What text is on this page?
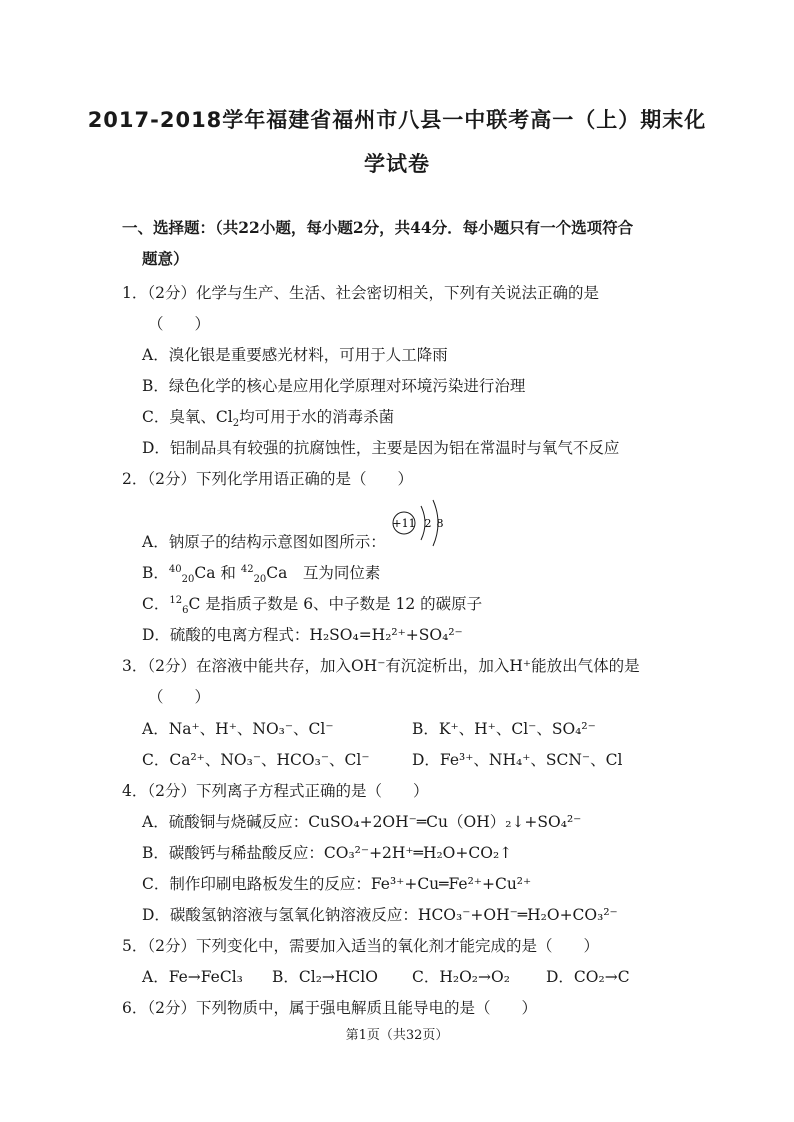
2017-2018学年福建省福州市八县一中联考高一（上）期末化
学试卷
一、选择题：（共22小题，每小题2分，共44分．每小题只有一个选项符合
题意）
1．（2分）化学与生产、生活、社会密切相关，下列有关说法正确的是
（　　）
A．溴化银是重要感光材料，可用于人工降雨
B．绿色化学的核心是应用化学原理对环境污染进行治理
C．臭氧、$Cl_2$均可用于水的消毒杀菌
D．铝制品具有较强的抗腐蚀性，主要是因为铝在常温时与氧气不反应
2．（2分）下列化学用语正确的是（　　）
A．钠原子的结构示意图如图所示：
+11 2 8
B．$^{40}_{20}$Ca 和 $^{42}_{20}$Ca　互为同位素
C．$^{12}_6$C 是指质子数是 6、中子数是 12 的碳原子
D．硫酸的电离方程式：H₂SO₄=H₂²⁺+SO₄²⁻
3．（2分）在溶液中能共存，加入OH⁻有沉淀析出，加入H⁺能放出气体的是
（　　）
A．Na⁺、H⁺、NO₃⁻、Cl⁻	B．K⁺、H⁺、Cl⁻、SO₄²⁻
C．Ca²⁺、NO₃⁻、HCO₃⁻、Cl⁻	D．Fe³⁺、NH₄⁺、SCN⁻、Cl
4．（2分）下列离子方程式正确的是（　　）
A．硫酸铜与烧碱反应：CuSO₄+2OH⁻═Cu（OH）₂↓+SO₄²⁻
B．碳酸钙与稀盐酸反应：CO₃²⁻+2H⁺═H₂O+CO₂↑
C．制作印刷电路板发生的反应：Fe³⁺+Cu═Fe²⁺+Cu²⁺
D．碳酸氢钠溶液与氢氧化钠溶液反应：HCO₃⁻+OH⁻═H₂O+CO₃²⁻
5．（2分）下列变化中，需要加入适当的氧化剂才能完成的是（　　）
A．Fe→FeCl₃ B．Cl₂→HClO C．H₂O₂→O₂ D．CO₂→C
6．（2分）下列物质中，属于强电解质且能导电的是（　　）
第1页（共32页）
